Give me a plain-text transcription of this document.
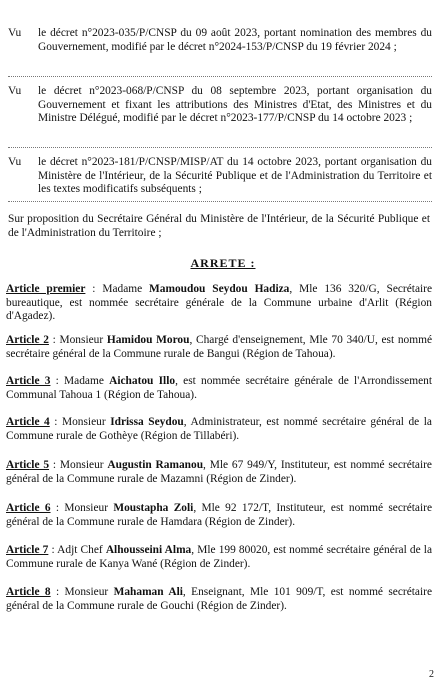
Vu	le décret n°2023-035/P/CNSP du 09 août 2023, portant nomination des membres du Gouvernement, modifié par le décret n°2024-153/P/CNSP du 19 février 2024 ;
Vu	le décret n°2023-068/P/CNSP du 08 septembre 2023, portant organisation du Gouvernement et fixant les attributions des Ministres d'Etat, des Ministres et du Ministre Délégué, modifié par le décret n°2023-177/P/CNSP du 14 octobre 2023 ;
Vu	le décret n°2023-181/P/CNSP/MISP/AT du 14 octobre 2023, portant organisation du Ministère de l'Intérieur, de la Sécurité Publique et de l'Administration du Territoire et les textes modificatifs subséquents ;
Sur proposition du Secrétaire Général du Ministère de l'Intérieur, de la Sécurité Publique et de l'Administration du Territoire ;
ARRETE :
Article premier : Madame Mamoudou Seydou Hadiza, Mle 136 320/G, Secrétaire bureautique, est nommée secrétaire générale de la Commune urbaine d'Arlit (Région d'Agadez).
Article 2 : Monsieur Hamidou Morou, Chargé d'enseignement, Mle 70 340/U, est nommé secrétaire général de la Commune rurale de Bangui (Région de Tahoua).
Article 3 : Madame Aichatou Illo, est nommée secrétaire générale de l'Arrondissement Communal Tahoua 1 (Région de Tahoua).
Article 4 : Monsieur Idrissa Seydou, Administrateur, est nommé secrétaire général de la Commune rurale de Gothèye (Région de Tillabéri).
Article 5 : Monsieur Augustin Ramanou, Mle 67 949/Y, Instituteur, est nommé secrétaire général de la Commune rurale de Mazamni (Région de Zinder).
Article 6 : Monsieur Moustapha Zoli, Mle 92 172/T, Instituteur, est nommé secrétaire général de la Commune rurale de Hamdara (Région de Zinder).
Article 7 : Adjt Chef Alhousseini Alma, Mle 199 80020, est nommé secrétaire général de la Commune rurale de Kanya Wané (Région de Zinder).
Article 8 : Monsieur Mahaman Ali, Enseignant, Mle 101 909/T, est nommé secrétaire général de la Commune rurale de Gouchi (Région de Zinder).
2
